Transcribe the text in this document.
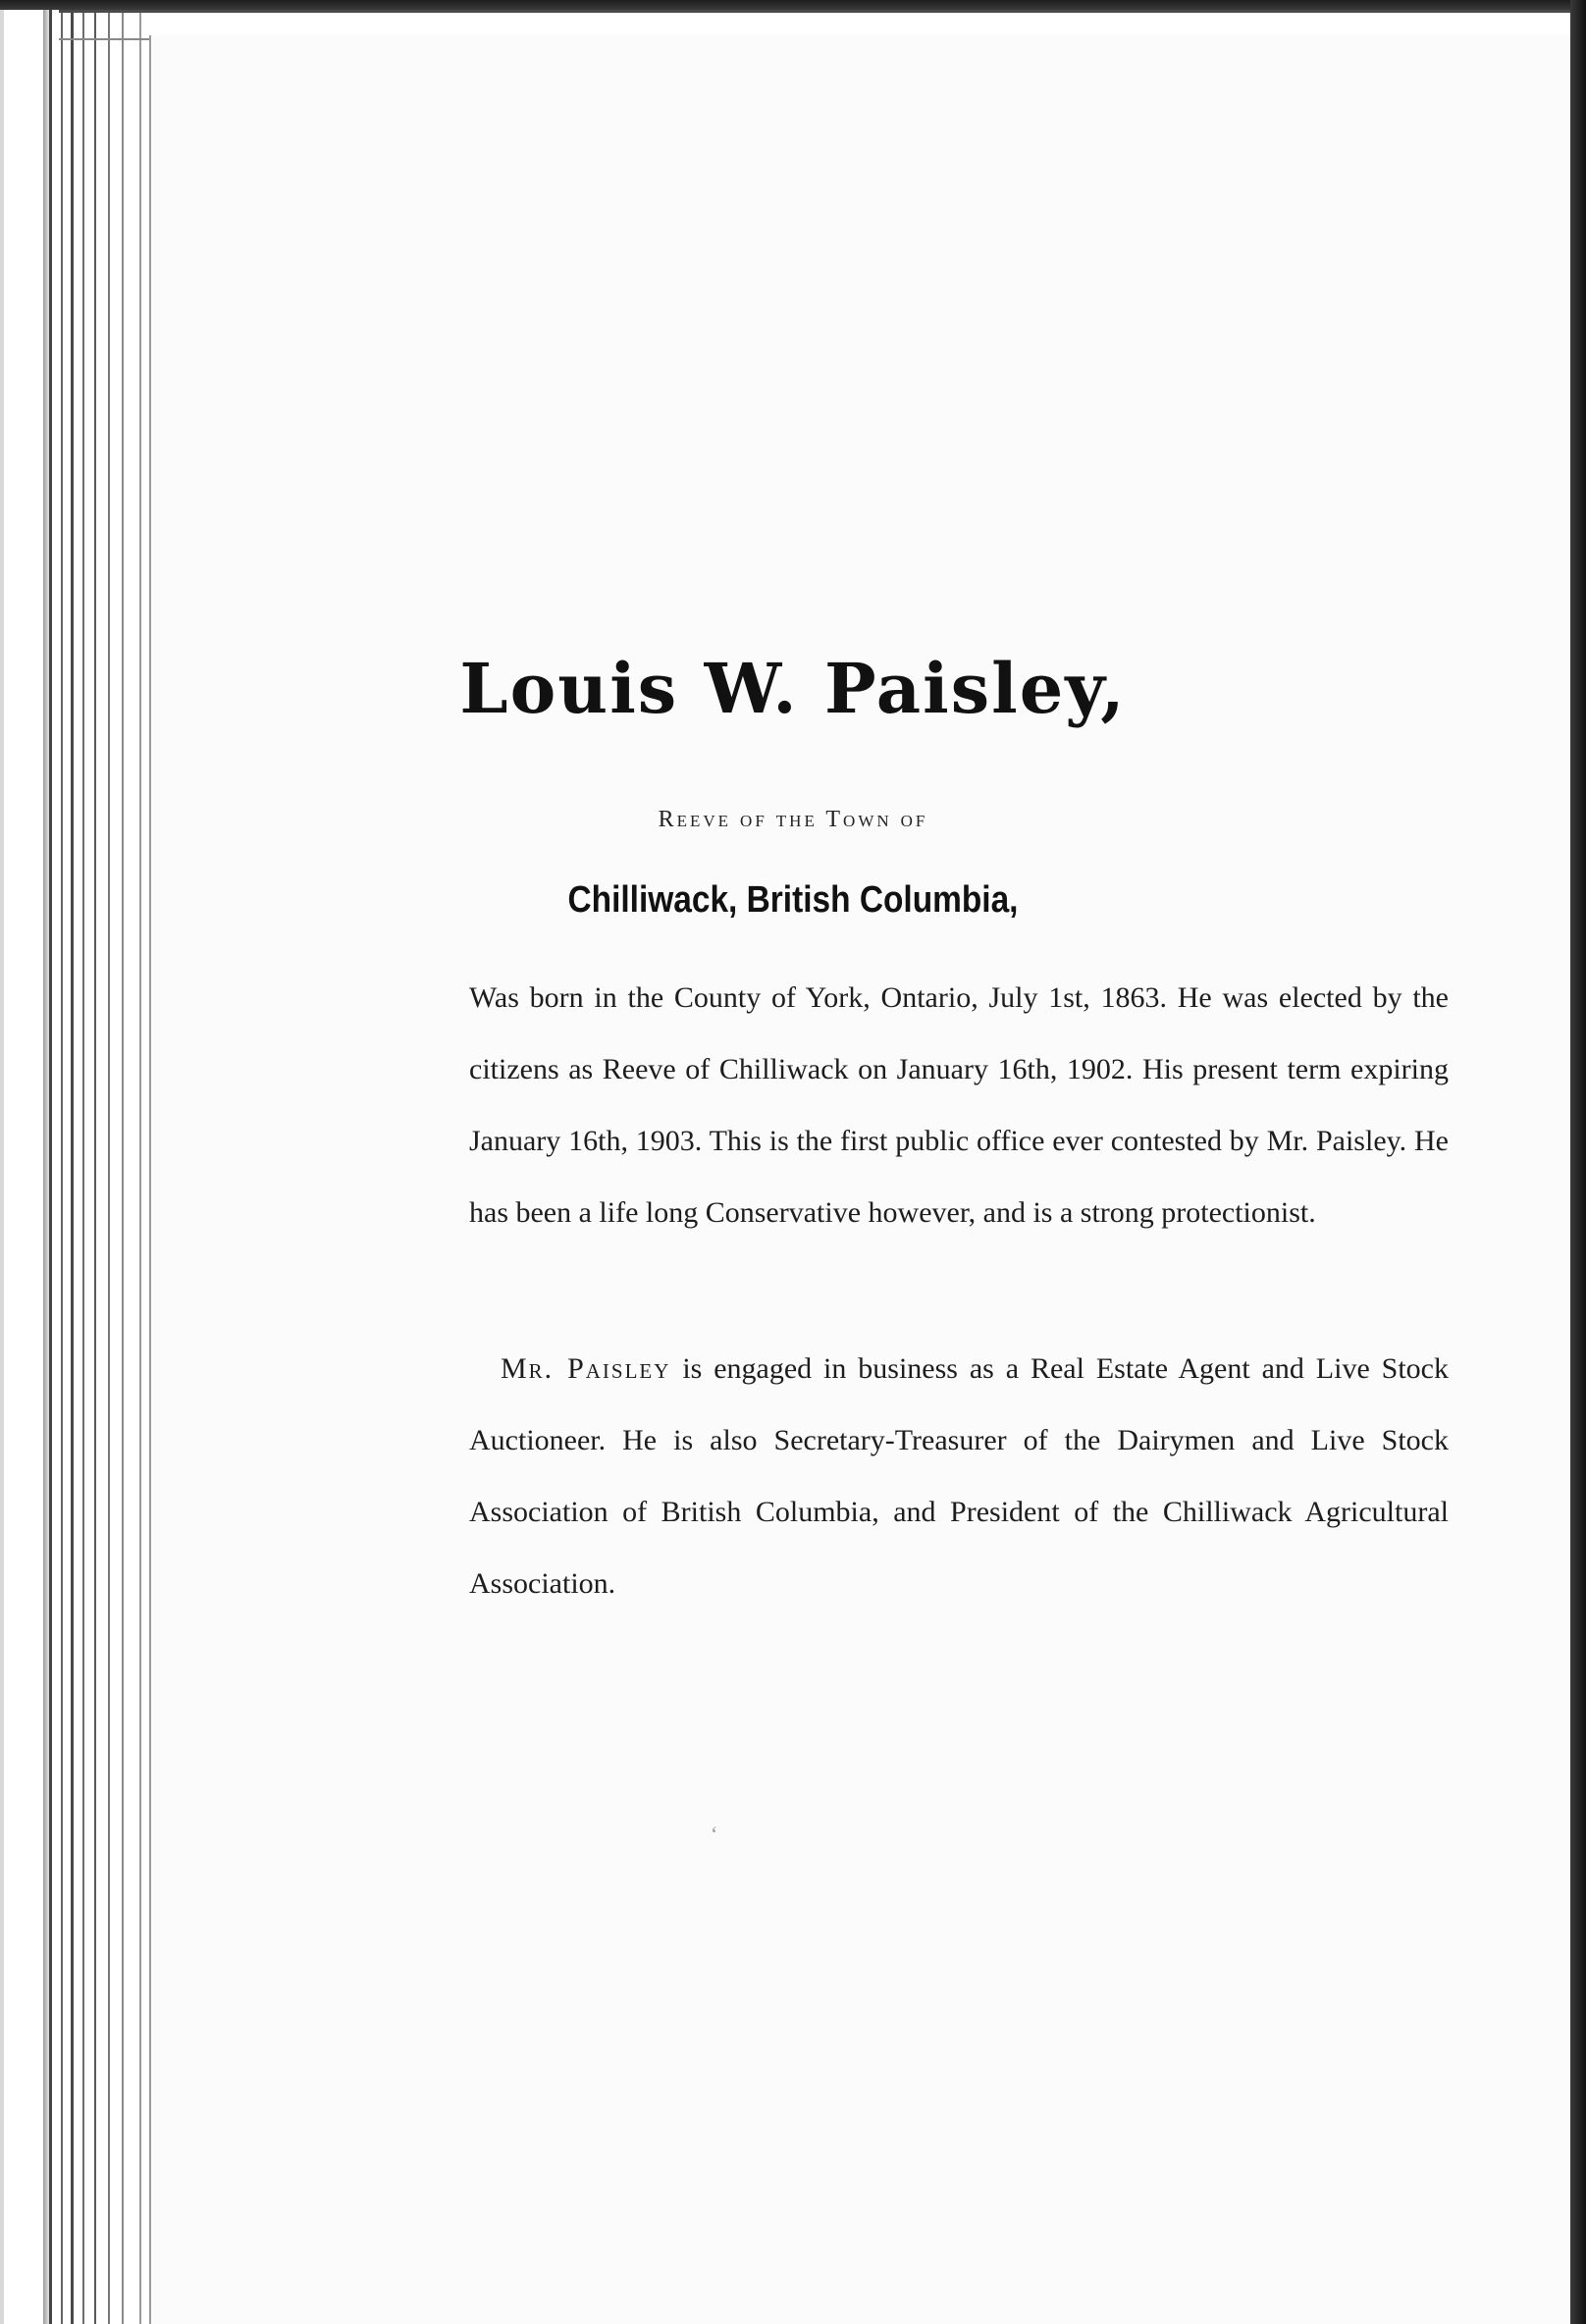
Louis W. Paisley,
Reeve of the Town of
Chilliwack, British Columbia,

Was born in the County of York, Ontario, July 1st, 1863. He was elected by the citizens as Reeve of Chilliwack on January 16th, 1902. His present term expiring January 16th, 1903. This is the first public office ever contested by Mr. Paisley. He has been a life long Conservative however, and is a strong protectionist.

Mr. Paisley is engaged in business as a Real Estate Agent and Live Stock Auctioneer. He is also Secretary-Treasurer of the Dairymen and Live Stock Association of British Columbia, and President of the Chilliwack Agricultural Association.

ʻ
